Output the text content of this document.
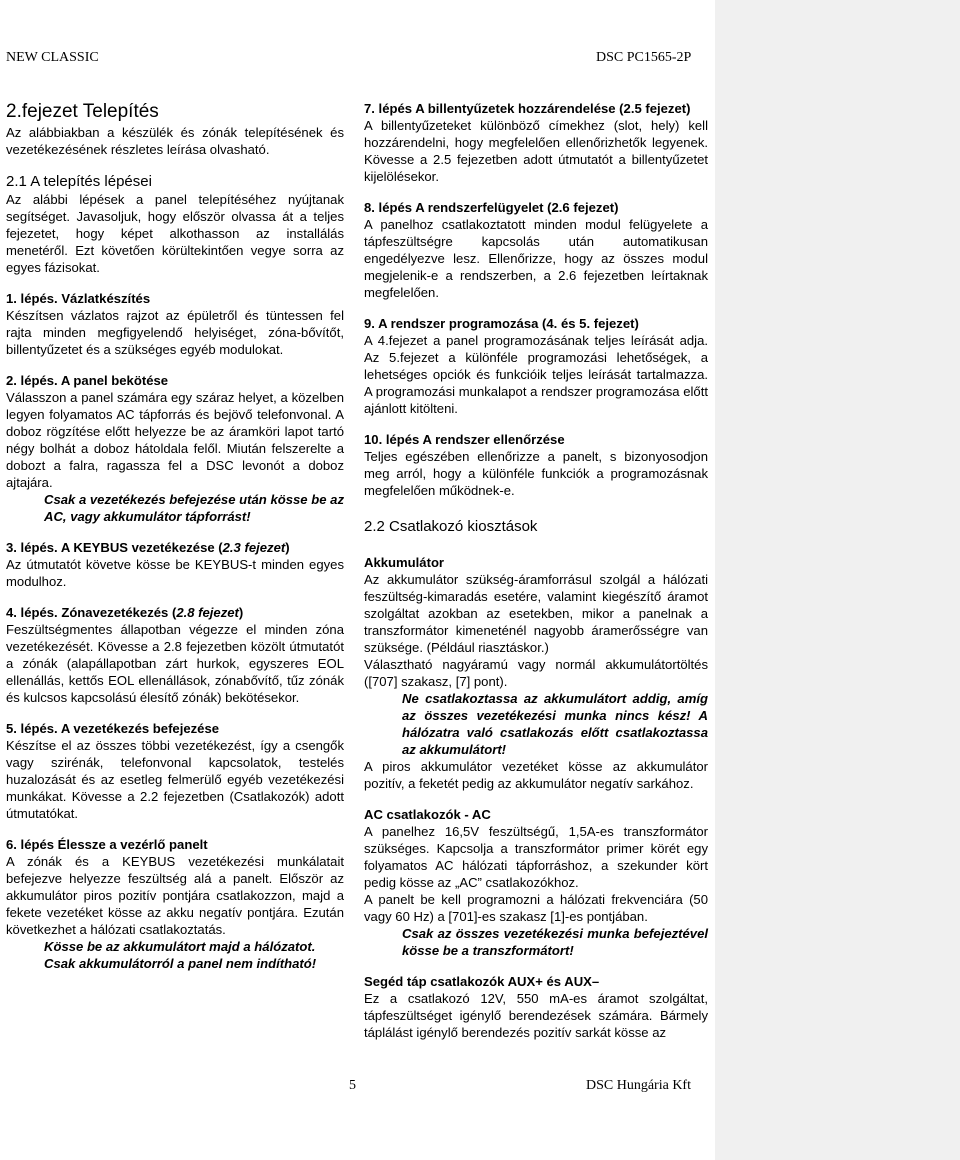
NEW CLASSIC	DSC PC1565-2P

2.fejezet Telepítés

Az alábbiakban a készülék és zónák telepítésének és vezetékezésének részletes leírása olvasható.

2.1 A telepítés lépései

Az alábbi lépések a panel telepítéséhez nyújtanak segítséget. Javasoljuk, hogy először olvassa át a teljes fejezetet, hogy képet alkothasson az installálás menetéről. Ezt követően körültekintően vegye sorra az egyes fázisokat.

1. lépés. Vázlatkészítés

Készítsen vázlatos rajzot az épületről és tüntessen fel rajta minden megfigyelendő helyiséget, zóna-bővítőt, billentyűzetet és a szükséges egyéb modulokat.

2. lépés. A panel bekötése

Válasszon a panel számára egy száraz helyet, a közelben legyen folyamatos AC tápforrás és bejövő telefonvonal. A doboz rögzítése előtt helyezze be az áramköri lapot tartó négy bolhát a doboz hátoldala felől. Miután felszerelte a dobozt a falra, ragassza fel a DSC levonót a doboz ajtajára.

Csak a vezetékezés befejezése után kösse be az AC, vagy akkumulátor tápforrást!

3. lépés. A KEYBUS vezetékezése (2.3 fejezet)

Az útmutatót követve kösse be KEYBUS-t minden egyes modulhoz.

4. lépés. Zónavezetékezés (2.8 fejezet)

Feszültségmentes állapotban végezze el minden zóna vezetékezését. Kövesse a 2.8 fejezetben közölt útmutatót a zónák (alapállapotban zárt hurkok, egyszeres EOL ellenállás, kettős EOL ellenállások, zónabővítő, tűz zónák és kulcsos kapcsolású élesítő zónák) bekötésekor.

5. lépés. A vezetékezés befejezése

Készítse el az összes többi vezetékezést, így a csengők vagy szirénák, telefonvonal kapcsolatok, testelés huzalozását és az esetleg felmerülő egyéb vezetékezési munkákat. Kövesse a 2.2 fejezetben (Csatlakozók) adott útmutatókat.

6. lépés Élessze a vezérlő panelt

A zónák és a KEYBUS vezetékezési munkálatait befejezve helyezze feszültség alá a panelt. Először az akkumulátor piros pozitív pontjára csatlakozzon, majd a fekete vezetéket kösse az akku negatív pontjára. Ezután következhet a hálózati csatlakoztatás.

Kösse be az akkumulátort majd a hálózatot.

Csak akkumulátorról a panel nem indítható!

7. lépés A billentyűzetek hozzárendelése (2.5 fejezet)

A billentyűzeteket különböző címekhez (slot, hely) kell hozzárendelni, hogy megfelelően ellenőrizhetők legyenek. Kövesse a 2.5 fejezetben adott útmutatót a billentyűzetet kijelölésekor.

8. lépés A rendszerfelügyelet (2.6 fejezet)

A panelhoz csatlakoztatott minden modul felügyelete a tápfeszültségre kapcsolás után automatikusan engedélyezve lesz. Ellenőrizze, hogy az összes modul megjelenik-e a rendszerben, a 2.6 fejezetben leírtaknak megfelelően.

9. A rendszer programozása (4. és 5. fejezet)

A 4.fejezet a panel programozásának teljes leírását adja. Az 5.fejezet a különféle programozási lehetőségek, a lehetséges opciók és funkcióik teljes leírását tartalmazza. A programozási munkalapot a rendszer programozása előtt ajánlott kitölteni.

10. lépés A rendszer ellenőrzése

Teljes egészében ellenőrizze a panelt, s bizonyosodjon meg arról, hogy a különféle funkciók a programozásnak megfelelően működnek-e.

2.2 Csatlakozó kiosztások

Akkumulátor

Az akkumulátor szükség-áramforrásul szolgál a hálózati feszültség-kimaradás esetére, valamint kiegészítő áramot szolgáltat azokban az esetekben, mikor a panelnak a transzformátor kimeneténél nagyobb áramerősségre van szüksége. (Például riasztáskor.)

Választható nagyáramú vagy normál akkumulátortöltés ([707] szakasz, [7] pont).

Ne csatlakoztassa az akkumulátort addig, amíg az összes vezetékezési munka nincs kész! A hálózatra való csatlakozás előtt csatlakoztassa az akkumulátort!

A piros akkumulátor vezetéket kösse az akkumulátor pozitív, a feketét pedig az akkumulátor negatív sarkához.

AC csatlakozók - AC

A panelhez 16,5V feszültségű, 1,5A-es transzformátor szükséges. Kapcsolja a transzformátor primer körét egy folyamatos AC hálózati tápforráshoz, a szekunder kört pedig kösse az „AC” csatlakozókhoz.

A panelt be kell programozni a hálózati frekvenciára (50 vagy 60 Hz) a [701]-es szakasz [1]-es pontjában.

Csak az összes vezetékezési munka befejeztével kösse be a transzformátort!

Segéd táp csatlakozók AUX+ és AUX–

Ez a csatlakozó 12V, 550 mA-es áramot szolgáltat, tápfeszültséget igénylő berendezések számára. Bármely táplálást igénylő berendezés pozitív sarkát kösse az

5	DSC Hungária Kft
